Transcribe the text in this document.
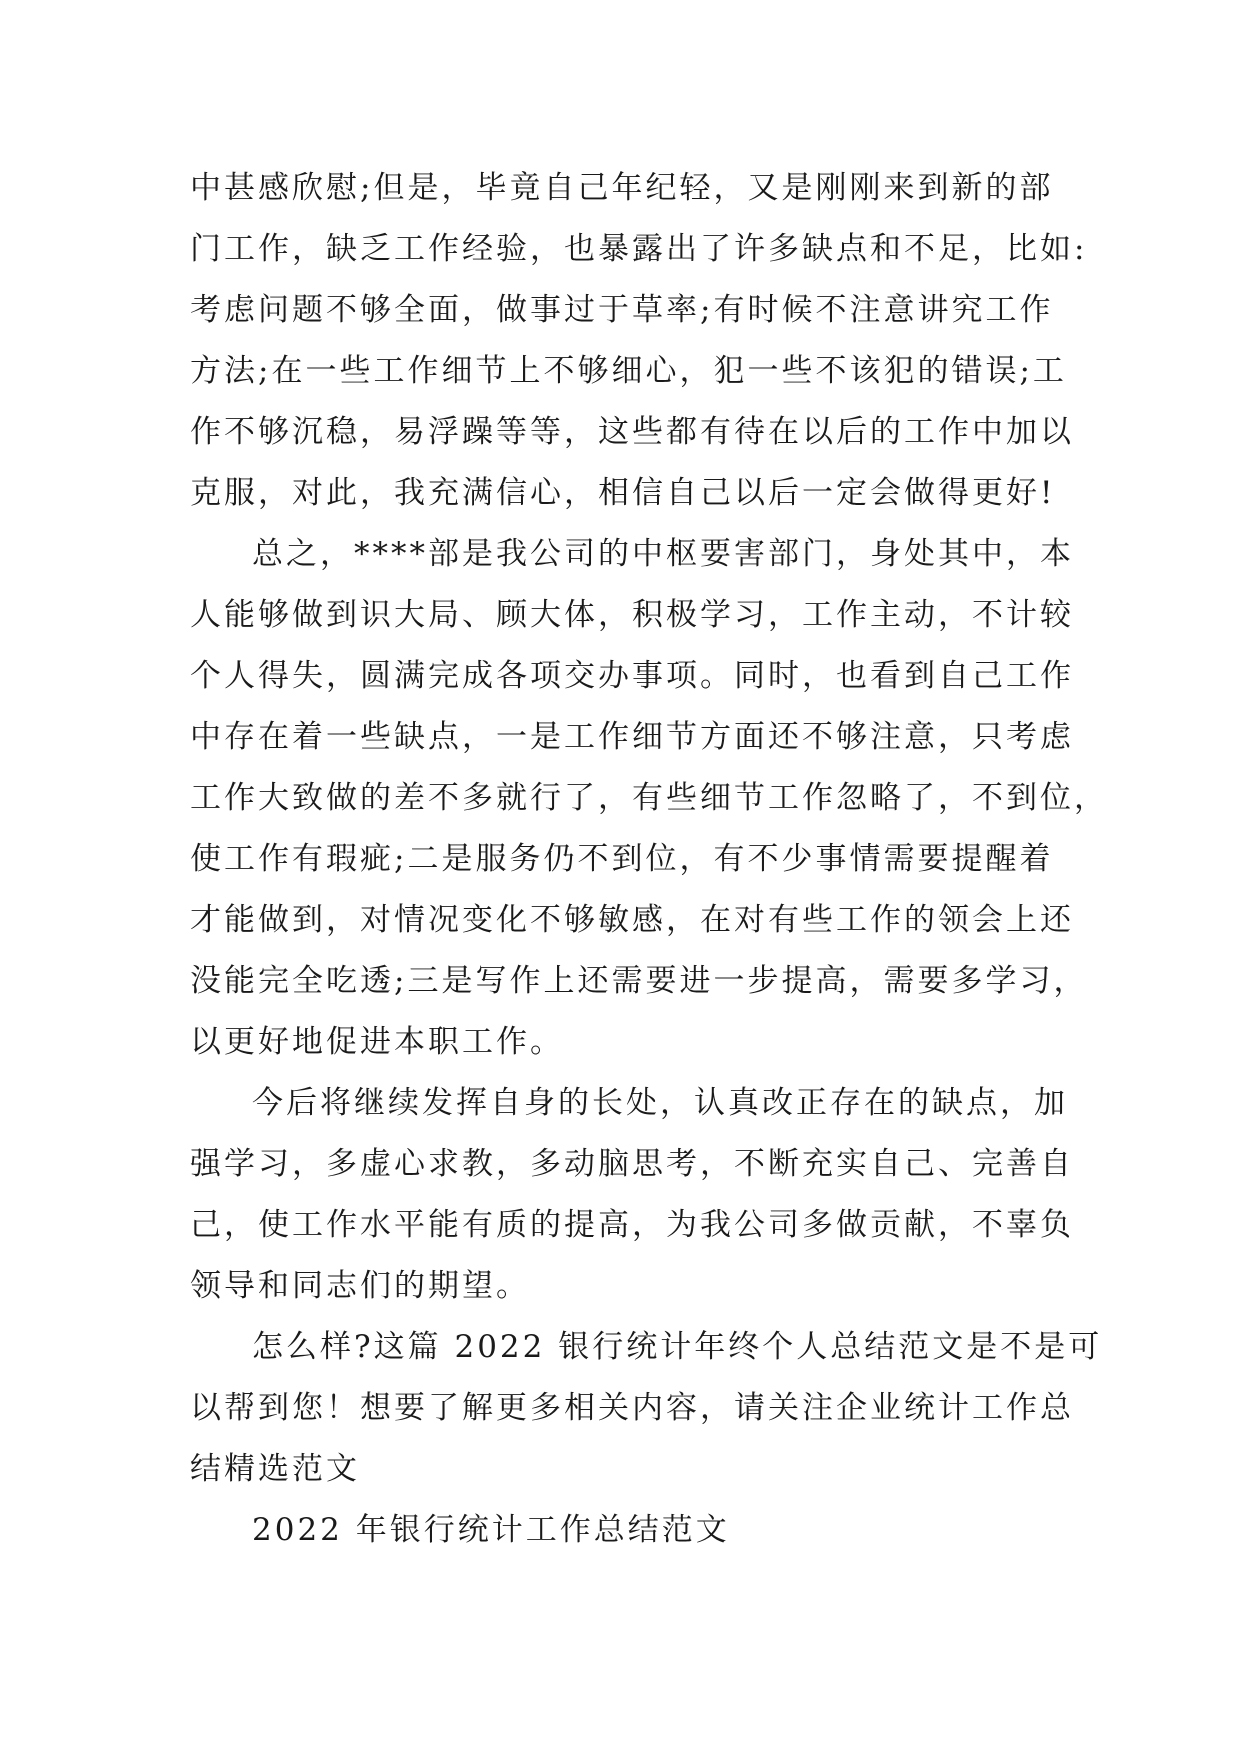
中甚感欣慰;但是，毕竟自己年纪轻，又是刚刚来到新的部
门工作，缺乏工作经验，也暴露出了许多缺点和不足，比如:
考虑问题不够全面，做事过于草率;有时候不注意讲究工作
方法;在一些工作细节上不够细心，犯一些不该犯的错误;工
作不够沉稳，易浮躁等等，这些都有待在以后的工作中加以
克服，对此，我充满信心，相信自己以后一定会做得更好!

总之，****部是我公司的中枢要害部门，身处其中，本
人能够做到识大局、顾大体，积极学习，工作主动，不计较
个人得失，圆满完成各项交办事项。同时，也看到自己工作
中存在着一些缺点，一是工作细节方面还不够注意，只考虑
工作大致做的差不多就行了，有些细节工作忽略了，不到位，
使工作有瑕疵;二是服务仍不到位，有不少事情需要提醒着
才能做到，对情况变化不够敏感，在对有些工作的领会上还
没能完全吃透;三是写作上还需要进一步提高，需要多学习，
以更好地促进本职工作。

今后将继续发挥自身的长处，认真改正存在的缺点，加
强学习，多虚心求教，多动脑思考，不断充实自己、完善自
己，使工作水平能有质的提高，为我公司多做贡献，不辜负
领导和同志们的期望。

怎么样?这篇 2022 银行统计年终个人总结范文是不是可
以帮到您！想要了解更多相关内容，请关注企业统计工作总
结精选范文

2022 年银行统计工作总结范文
